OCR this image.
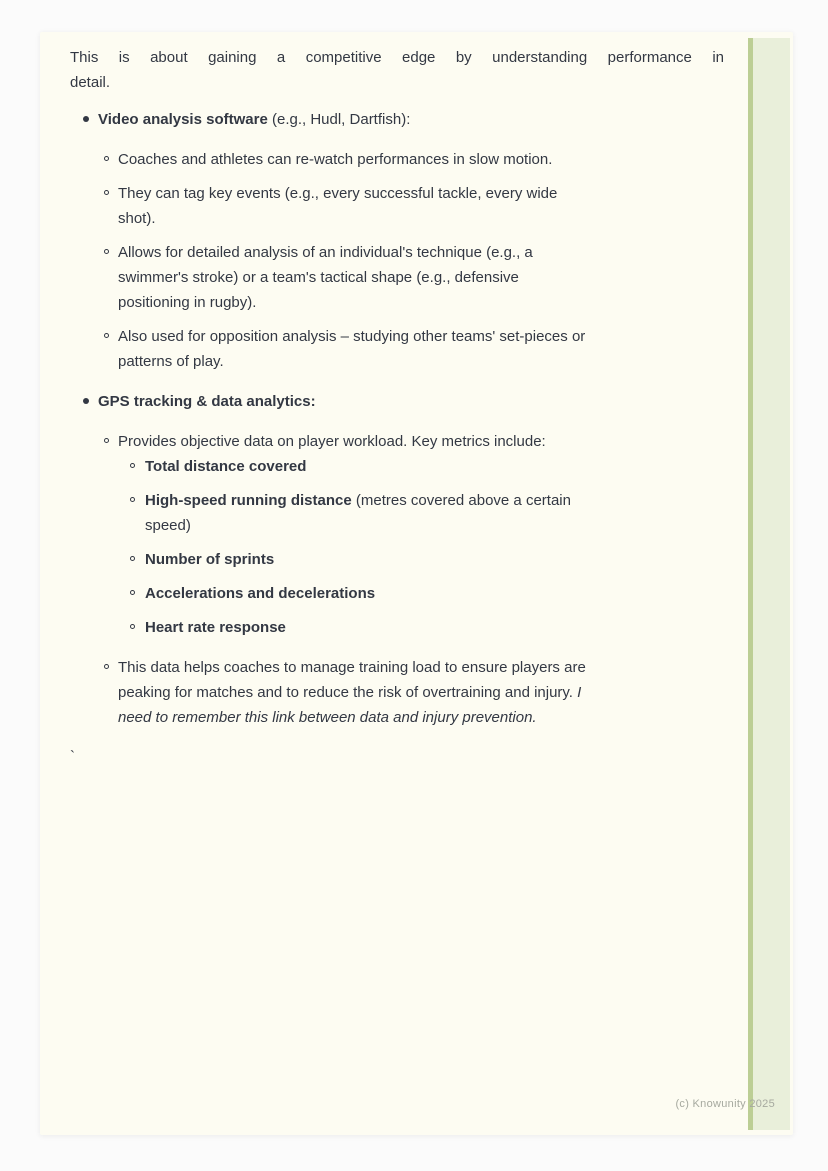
This is about gaining a competitive edge by understanding performance in
detail.
Video analysis software (e.g., Hudl, Dartfish):
Coaches and athletes can re-watch performances in slow motion.
They can tag key events (e.g., every successful tackle, every wide
shot).
Allows for detailed analysis of an individual's technique (e.g., a
swimmer's stroke) or a team's tactical shape (e.g., defensive
positioning in rugby).
Also used for opposition analysis – studying other teams' set-pieces or
patterns of play.
GPS tracking & data analytics:
Provides objective data on player workload. Key metrics include:
Total distance covered
High-speed running distance (metres covered above a certain
speed)
Number of sprints
Accelerations and decelerations
Heart rate response
This data helps coaches to manage training load to ensure players are
peaking for matches and to reduce the risk of overtraining and injury. I
need to remember this link between data and injury prevention.

`

(c) Knowunity 2025
